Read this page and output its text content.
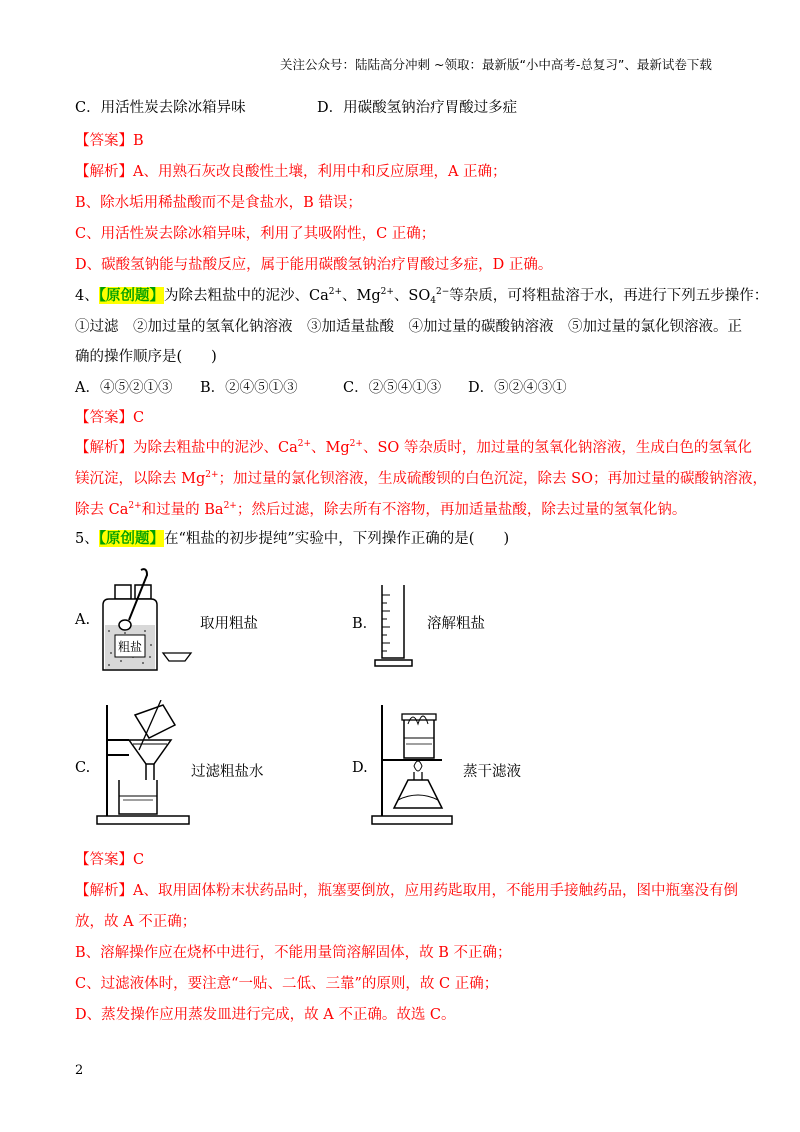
关注公众号：陆陆高分冲刺 ~领取：最新版“小中高考-总复习”、最新试卷下载
C．用活性炭去除冰箱异味	D．用碳酸氢钠治疗胃酸过多症
【答案】B
【解析】A、用熟石灰改良酸性土壤，利用中和反应原理，A 正确；
B、除水垢用稀盐酸而不是食盐水，B 错误；
C、用活性炭去除冰箱异味，利用了其吸附性，C 正确；
D、碳酸氢钠能与盐酸反应，属于能用碳酸氢钠治疗胃酸过多症，D 正确。
4、【原创题】为除去粗盐中的泥沙、$Ca^{2+}$、$Mg^{2+}$、$SO_4^{2-}$等杂质，可将粗盐溶于水，再进行下列五步操作：
①过滤　②加过量的氢氧化钠溶液　③加适量盐酸　④加过量的碳酸钠溶液　⑤加过量的氯化钡溶液。正
确的操作顺序是(　　)
A．④⑤②①③ B．②④⑤①③	C．②⑤④①③ D．⑤②④③①
【答案】C
【解析】为除去粗盐中的泥沙、$Ca^{2+}$、$Mg^{2+}$、SO 等杂质时，加过量的氢氧化钠溶液，生成白色的氢氧化
镁沉淀，以除去 $Mg^{2+}$；加过量的氯化钡溶液，生成硫酸钡的白色沉淀，除去 SO；再加过量的碳酸钠溶液，
除去 $Ca^{2+}$和过量的 $Ba^{2+}$；然后过滤，除去所有不溶物，再加适量盐酸，除去过量的氢氧化钠。
5、【原创题】在“粗盐的初步提纯”实验中，下列操作正确的是(　　)
A.
粗盐
取用粗盐	B．	溶解粗盐
C.	过滤粗盐水	D.	蒸干滤液
【答案】C
【解析】A、取用固体粉末状药品时，瓶塞要倒放，应用药匙取用，不能用手接触药品，图中瓶塞没有倒
放，故 A 不正确；
B、溶解操作应在烧杯中进行，不能用量筒溶解固体，故 B 不正确；
C、过滤液体时，要注意“一贴、二低、三靠”的原则，故 C 正确；
D、蒸发操作应用蒸发皿进行完成，故 A 不正确。故选 C。
2
